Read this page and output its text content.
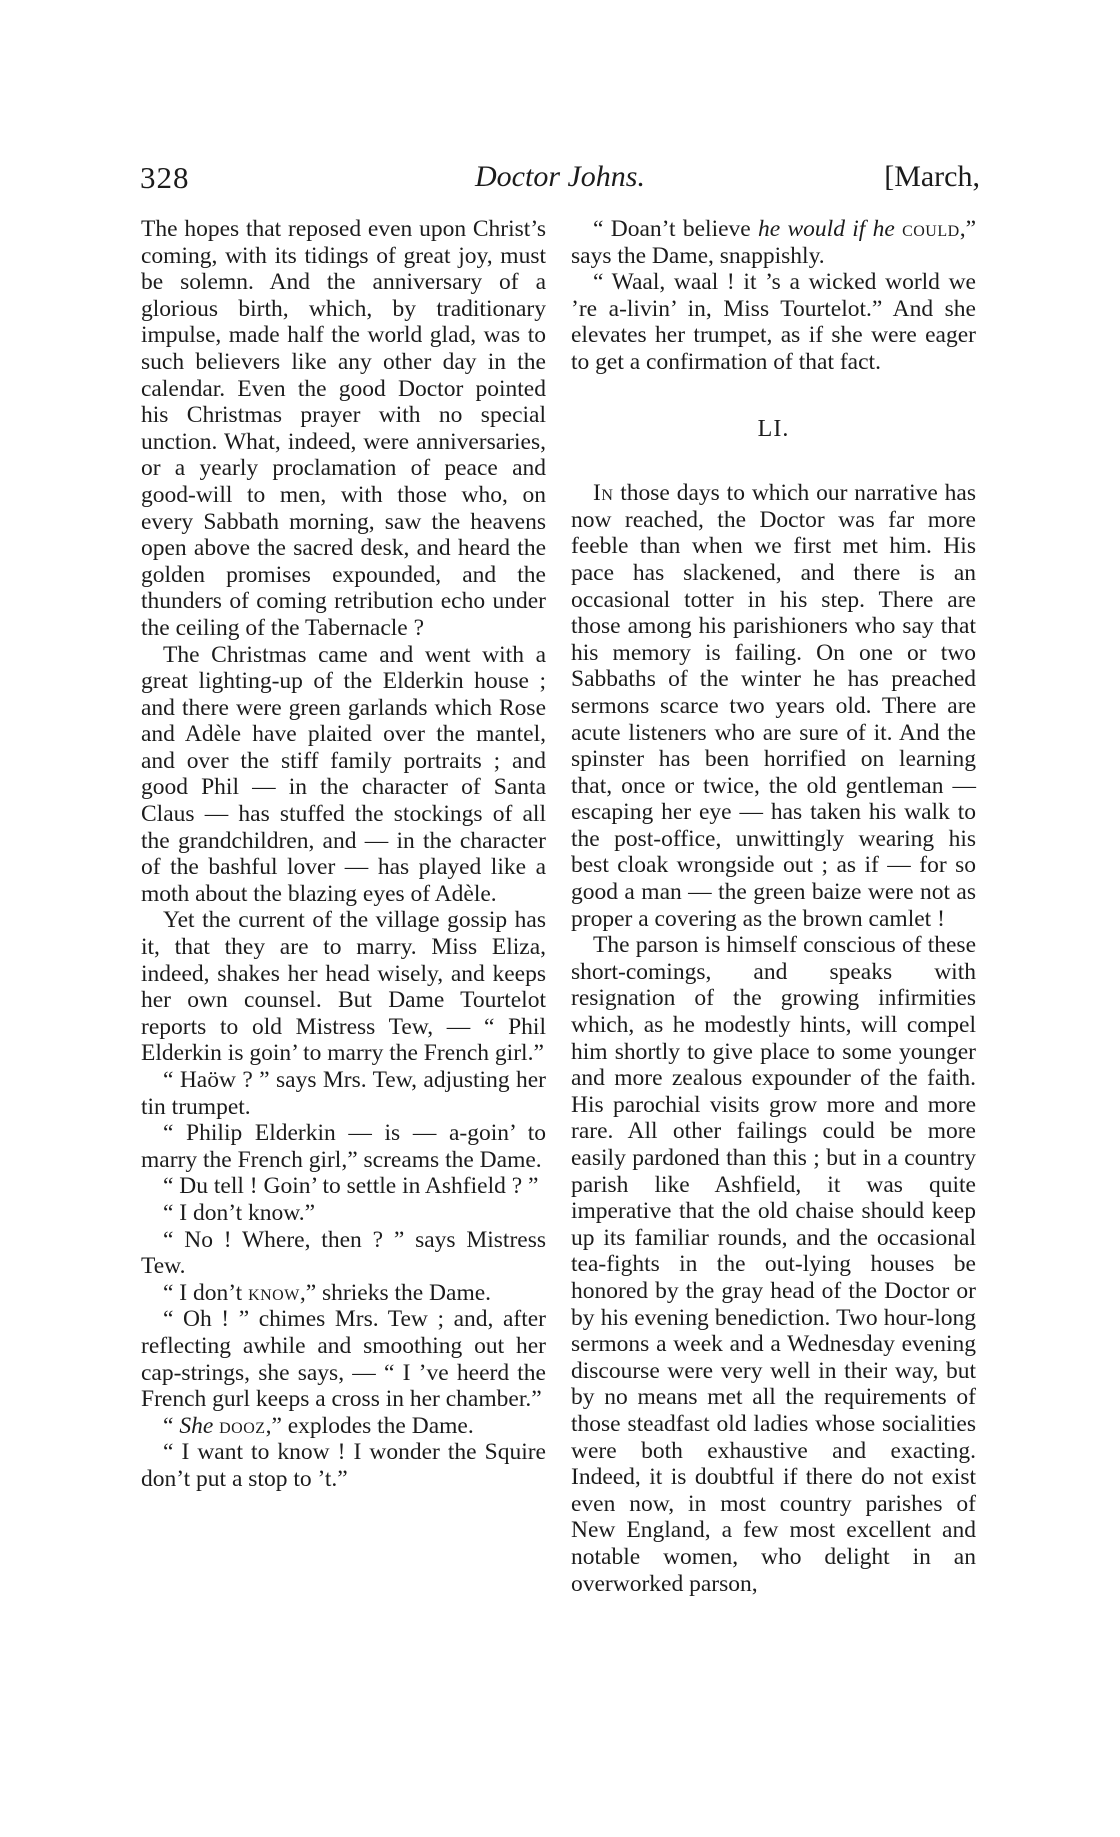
328	Doctor Johns.	[March,

The hopes that reposed even upon Christ’s coming, with its tidings of great joy, must be solemn. And the anniversary of a glorious birth, which, by traditionary impulse, made half the world glad, was to such believers like any other day in the calendar. Even the good Doctor pointed his Christmas prayer with no special unction. What, indeed, were anniversaries, or a yearly proclamation of peace and good-will to men, with those who, on every Sabbath morning, saw the heavens open above the sacred desk, and heard the golden promises expounded, and the thunders of coming retribution echo under the ceiling of the Tabernacle ?

The Christmas came and went with a great lighting-up of the Elderkin house ; and there were green garlands which Rose and Adèle have plaited over the mantel, and over the stiff family portraits ; and good Phil — in the character of Santa Claus — has stuffed the stockings of all the grandchildren, and — in the character of the bashful lover — has played like a moth about the blazing eyes of Adèle.

Yet the current of the village gossip has it, that they are to marry. Miss Eliza, indeed, shakes her head wisely, and keeps her own counsel. But Dame Tourtelot reports to old Mistress Tew, — “ Phil Elderkin is goin’ to marry the French girl.”

“ Haöw ? ” says Mrs. Tew, adjusting her tin trumpet.

“ Philip Elderkin — is — a-goin’ to marry the French girl,” screams the Dame.

“ Du tell ! Goin’ to settle in Ashfield ? ”

“ I don’t know.”

“ No ! Where, then ? ” says Mistress Tew.

“ I don’t know,” shrieks the Dame.

“ Oh ! ” chimes Mrs. Tew ; and, after reflecting awhile and smoothing out her cap-strings, she says, — “ I ’ve heerd the French gurl keeps a cross in her chamber.”

“ She dooz,” explodes the Dame.

“ I want to know ! I wonder the Squire don’t put a stop to ’t.”

“ Doan’t believe he would if he could,” says the Dame, snappishly.

“ Waal, waal ! it ’s a wicked world we ’re a-livin’ in, Miss Tourtelot.” And she elevates her trumpet, as if she were eager to get a confirmation of that fact.

LI.

In those days to which our narrative has now reached, the Doctor was far more feeble than when we first met him. His pace has slackened, and there is an occasional totter in his step. There are those among his parishioners who say that his memory is failing. On one or two Sabbaths of the winter he has preached sermons scarce two years old. There are acute listeners who are sure of it. And the spinster has been horrified on learning that, once or twice, the old gentleman — escaping her eye — has taken his walk to the post-office, unwittingly wearing his best cloak wrongside out ; as if — for so good a man — the green baize were not as proper a covering as the brown camlet !

The parson is himself conscious of these short-comings, and speaks with resignation of the growing infirmities which, as he modestly hints, will compel him shortly to give place to some younger and more zealous expounder of the faith. His parochial visits grow more and more rare. All other failings could be more easily pardoned than this ; but in a country parish like Ashfield, it was quite imperative that the old chaise should keep up its familiar rounds, and the occasional tea-fights in the out-lying houses be honored by the gray head of the Doctor or by his evening benediction. Two hour-long sermons a week and a Wednesday evening discourse were very well in their way, but by no means met all the requirements of those steadfast old ladies whose socialities were both exhaustive and exacting. Indeed, it is doubtful if there do not exist even now, in most country parishes of New England, a few most excellent and notable women, who delight in an overworked parson,
